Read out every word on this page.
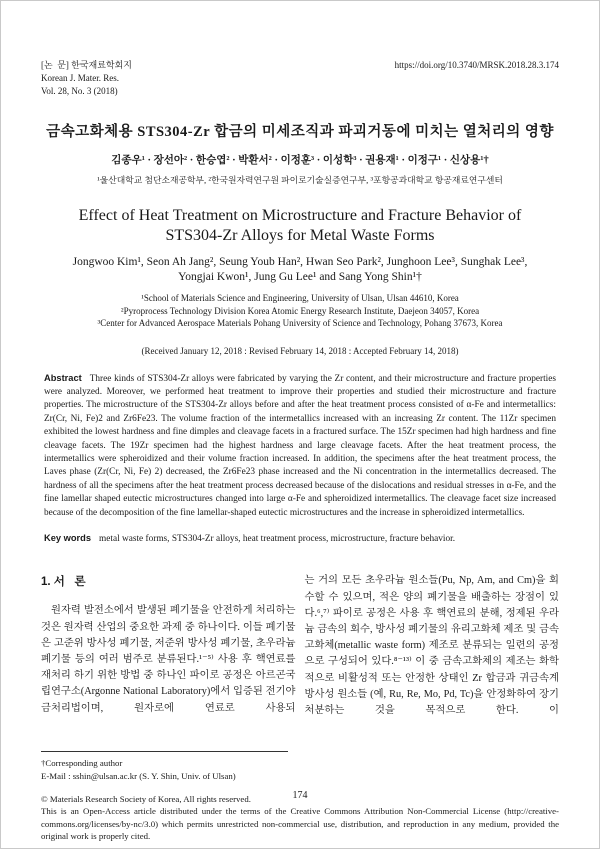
[논  문] 한국재료학회지
Korean J. Mater. Res.
Vol. 28, No. 3 (2018)
https://doi.org/10.3740/MRSK.2018.28.3.174
금속고화체용 STS304-Zr 합금의 미세조직과 파괴거동에 미치는 열처리의 영향
김종우¹ · 장선아² · 한승엽² · 박환서² · 이정훈³ · 이성학³ · 권용재¹ · 이정구¹ · 신상용¹†
¹울산대학교 첨단소재공학부, ²한국원자력연구원 파이로기술실증연구부, ³포항공과대학교 항공재료연구센터
Effect of Heat Treatment on Microstructure and Fracture Behavior of STS304-Zr Alloys for Metal Waste Forms
Jongwoo Kim¹, Seon Ah Jang², Seung Youb Han², Hwan Seo Park², Junghoon Lee³, Sunghak Lee³, Yongjai Kwon¹, Jung Gu Lee¹ and Sang Yong Shin¹†
¹School of Materials Science and Engineering, University of Ulsan, Ulsan 44610, Korea
²Pyroprocess Technology Division Korea Atomic Energy Research Institute, Daejeon 34057, Korea
³Center for Advanced Aerospace Materials Pohang University of Science and Technology, Pohang 37673, Korea
(Received January 12, 2018 : Revised February 14, 2018 : Accepted February 14, 2018)
Abstract Three kinds of STS304-Zr alloys were fabricated by varying the Zr content, and their microstructure and fracture properties were analyzed. Moreover, we performed heat treatment to improve their properties and studied their microstructure and fracture properties. The microstructure of the STS304-Zr alloys before and after the heat treatment process consisted of α-Fe and intermetallics: Zr(Cr, Ni, Fe)2 and Zr6Fe23. The volume fraction of the intermetallics increased with an increasing Zr content. The 11Zr specimen exhibited the lowest hardness and fine dimples and cleavage facets in a fractured surface. The 15Zr specimen had high hardness and fine cleavage facets. The 19Zr specimen had the highest hardness and large cleavage facets. After the heat treatment process, the intermetallics were spheroidized and their volume fraction increased. In addition, the specimens after the heat treatment process, the Laves phase (Zr(Cr, Ni, Fe) 2) decreased, the Zr6Fe23 phase increased and the Ni concentration in the intermetallics decreased. The hardness of all the specimens after the heat treatment process decreased because of the dislocations and residual stresses in α-Fe, and the fine lamellar shaped eutectic microstructures changed into large α-Fe and spheroidized intermetallics. The cleavage facet size increased because of the decomposition of the fine lamellar-shaped eutectic microstructures and the increase in spheroidized intermetallics.
Key words metal waste forms, STS304-Zr alloys, heat treatment process, microstructure, fracture behavior.
1. 서   론
원자력 발전소에서 발생된 폐기물을 안전하게 처리하는 것은 원자력 산업의 중요한 과제 중 하나이다. 이들 폐기물은 고준위 방사성 폐기물, 저준위 방사성 폐기물, 초우라늄 폐기물 등의 여러 범주로 분류된다.¹⁻⁵⁾ 사용 후 핵연료를 재처리 하기 위한 방법 중 하나인 파이로 공정은 아르곤국립연구소(Argonne National Laboratory)에서 입증된 전기야금처리법이며, 원자로에 연료로 사용되
는 거의 모든 초우라늄 원소들(Pu, Np, Am, and Cm)을 회수할 수 있으며, 적은 양의 폐기물을 배출하는 장점이 있다.⁶,⁷⁾ 파이로 공정은 사용 후 핵연료의 분해, 정제된 우라늄 금속의 회수, 방사성 폐기물의 유리고화체 제조 및 금속고화체(metallic waste form) 제조로 분류되는 일련의 공정으로 구성되어 있다.⁸⁻¹³⁾ 이 중 금속고화체의 제조는 화학적으로 비활성적 또는 안정한 상태인 Zr 합금과 귀금속계 방사성 원소들 (예, Ru, Re, Mo, Pd, Tc)을 안정화하여 장기 처분하는 것을 목적으로 한다. 이
†Corresponding author
E-Mail : sshin@ulsan.ac.kr (S. Y. Shin, Univ. of Ulsan)
© Materials Research Society of Korea, All rights reserved.
This is an Open-Access article distributed under the terms of the Creative Commons Attribution Non-Commercial License (http://creative-commons.org/licenses/by-nc/3.0) which permits unrestricted non-commercial use, distribution, and reproduction in any medium, provided the original work is properly cited.
174
